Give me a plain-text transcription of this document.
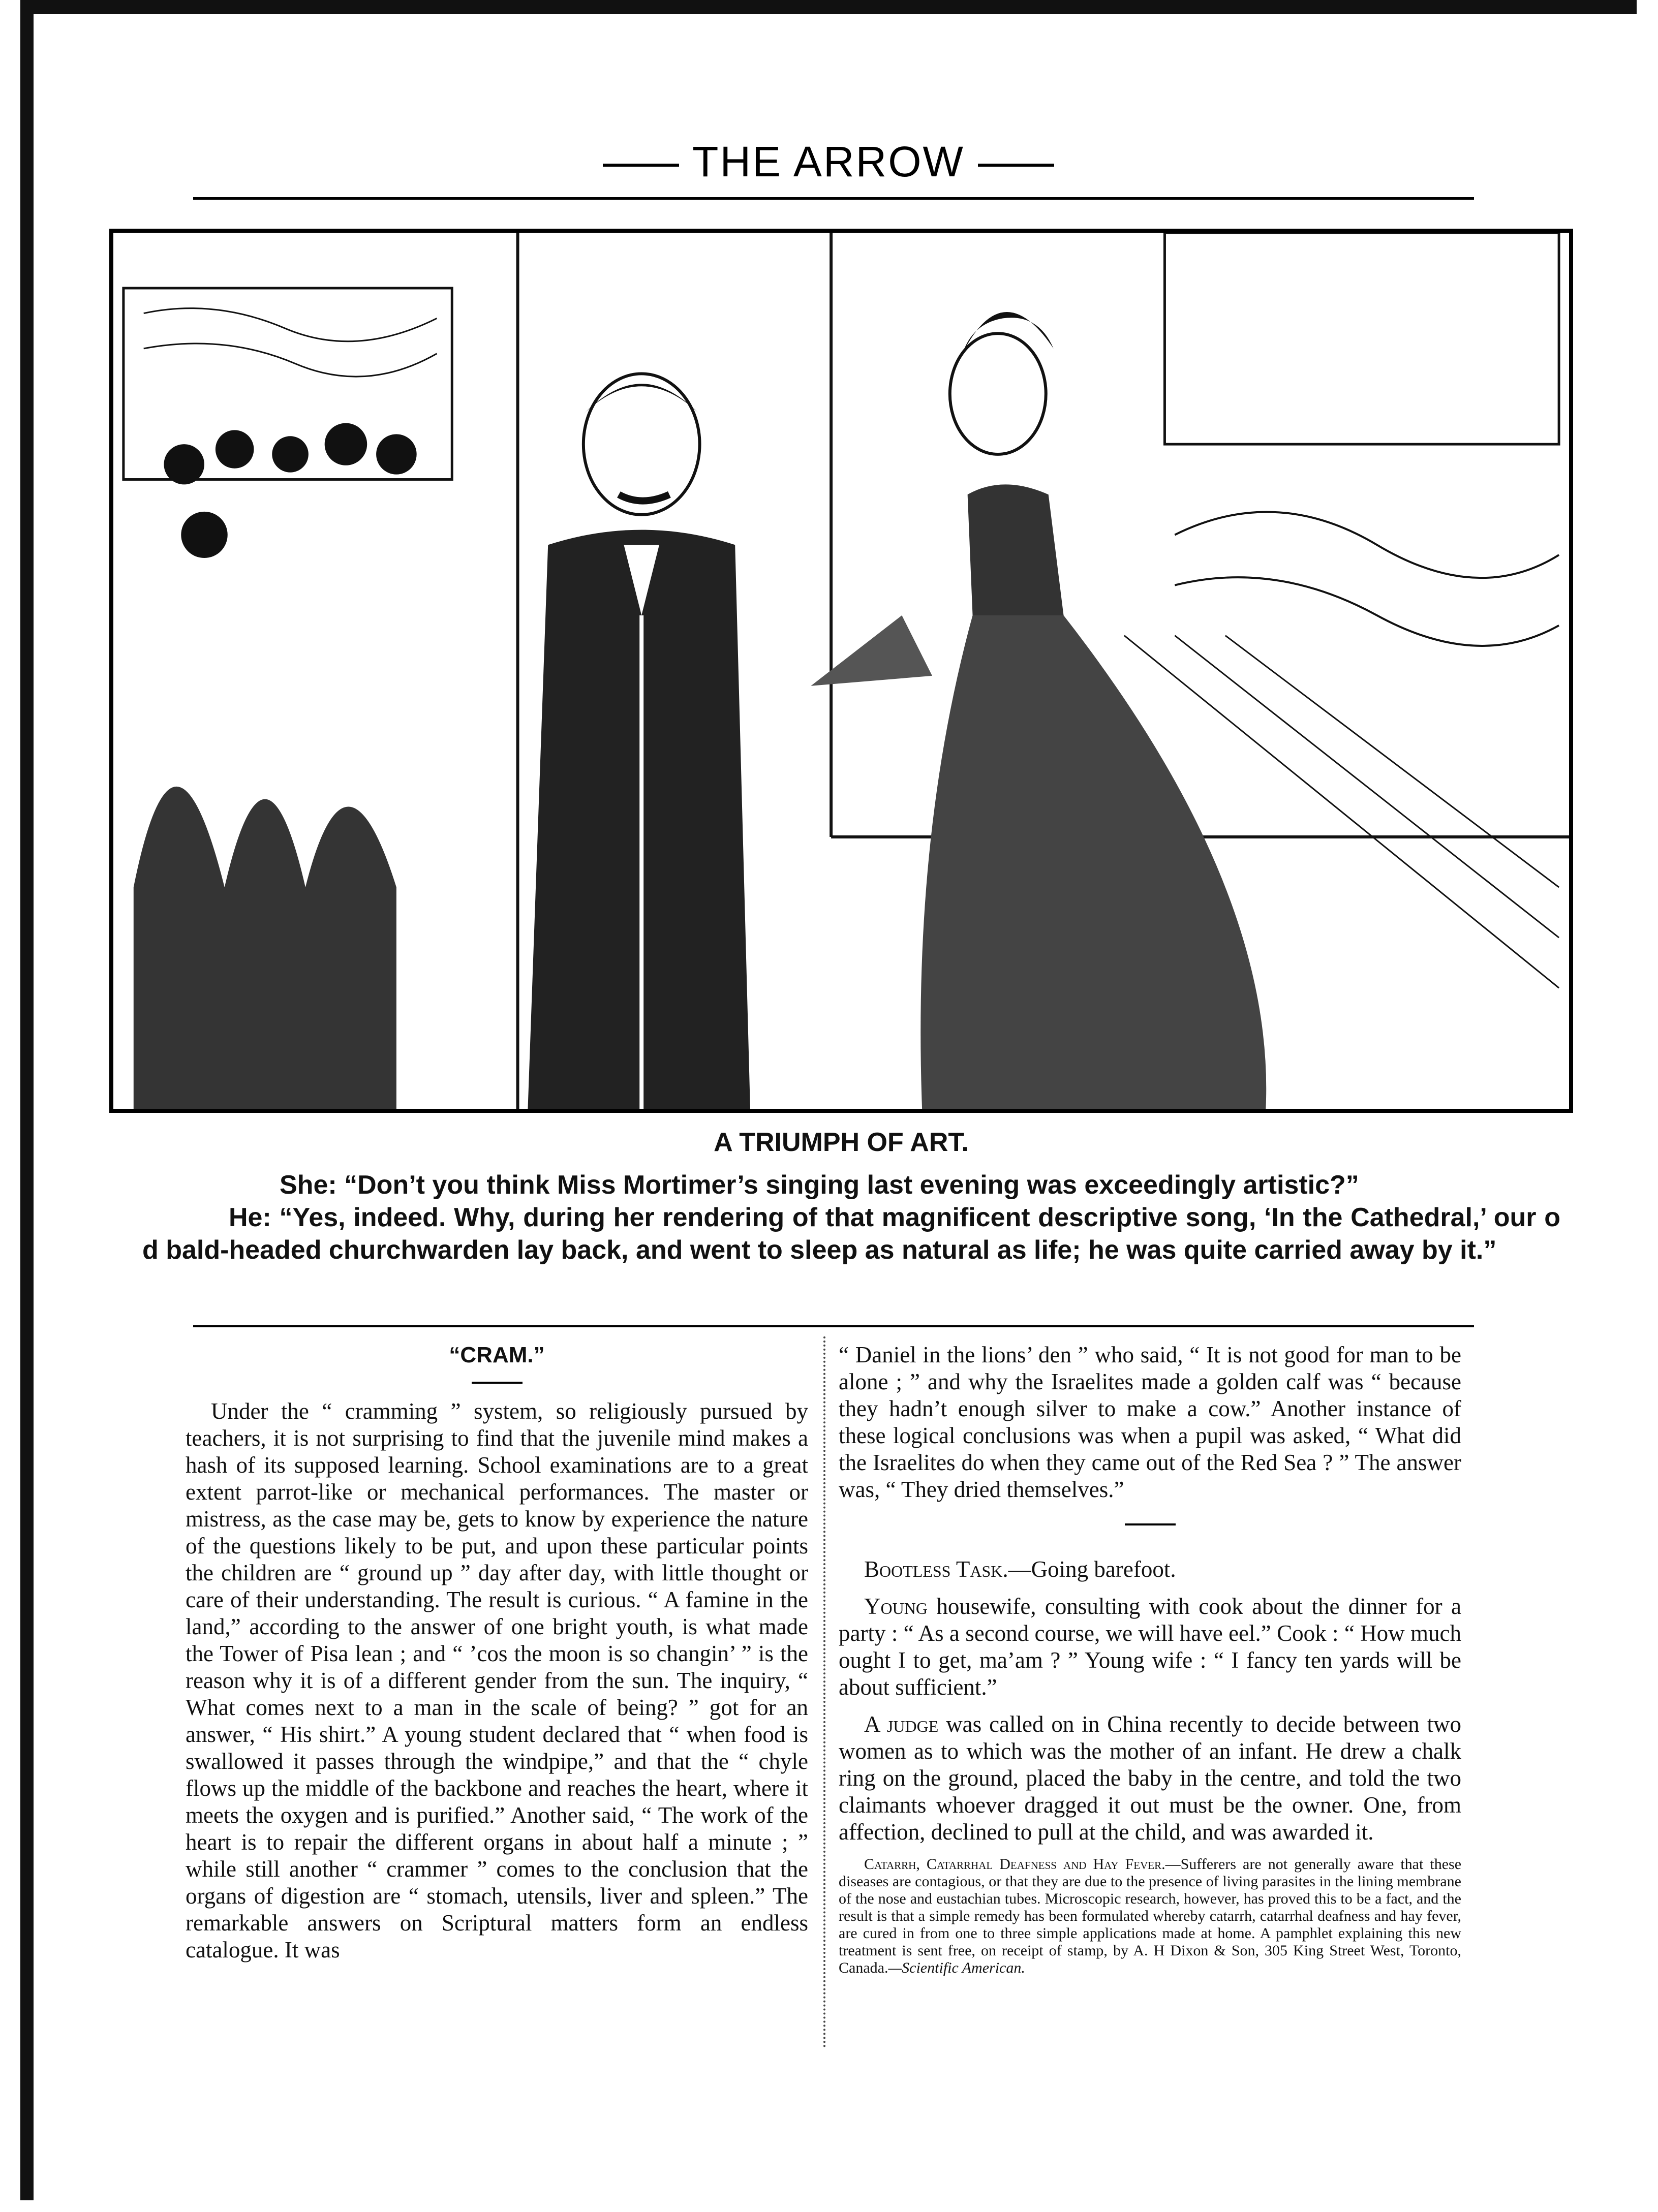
THE ARROW
A TRIUMPH OF ART.

She: “Don’t you think Miss Mortimer’s singing last evening was exceedingly artistic?”

He: “Yes, indeed. Why, during her rendering of that magnificent descriptive song, ‘In the Cathedral,’ our o d bald-headed churchwarden lay back, and went to sleep as natural as life; he was quite carried away by it.”

“CRAM.”

Under the “ cramming ” system, so religiously pursued by teachers, it is not surprising to find that the juvenile mind makes a hash of its supposed learning. School examinations are to a great extent parrot-like or mechanical performances. The master or mistress, as the case may be, gets to know by experience the nature of the questions likely to be put, and upon these particular points the children are “ ground up ” day after day, with little thought or care of their understanding. The result is curious. “ A famine in the land,” according to the answer of one bright youth, is what made the Tower of Pisa lean ; and “ ’cos the moon is so changin’ ” is the reason why it is of a different gender from the sun. The inquiry, “ What comes next to a man in the scale of being? ” got for an answer, “ His shirt.” A young student declared that “ when food is swallowed it passes through the windpipe,” and that the “ chyle flows up the middle of the backbone and reaches the heart, where it meets the oxygen and is purified.” Another said, “ The work of the heart is to repair the different organs in about half a minute ; ” while still another “ crammer ” comes to the conclusion that the organs of digestion are “ stomach, utensils, liver and spleen.” The remarkable answers on Scriptural matters form an endless catalogue. It was

“ Daniel in the lions’ den ” who said, “ It is not good for man to be alone ; ” and why the Israelites made a golden calf was “ because they hadn’t enough silver to make a cow.” Another instance of these logical conclusions was when a pupil was asked, “ What did the Israelites do when they came out of the Red Sea ? ” The answer was, “ They dried themselves.”

Bootless Task.—Going barefoot.

Young housewife, consulting with cook about the dinner for a party : “ As a second course, we will have eel.” Cook : “ How much ought I to get, ma’am ? ” Young wife : “ I fancy ten yards will be about sufficient.”

A judge was called on in China recently to decide between two women as to which was the mother of an infant. He drew a chalk ring on the ground, placed the baby in the centre, and told the two claimants whoever dragged it out must be the owner. One, from affection, declined to pull at the child, and was awarded it.

Catarrh, Catarrhal Deafness and Hay Fever.—Sufferers are not generally aware that these diseases are contagious, or that they are due to the presence of living parasites in the lining membrane of the nose and eustachian tubes. Microscopic research, however, has proved this to be a fact, and the result is that a simple remedy has been formulated whereby catarrh, catarrhal deafness and hay fever, are cured in from one to three simple applications made at home. A pamphlet explaining this new treatment is sent free, on receipt of stamp, by A. H Dixon & Son, 305 King Street West, Toronto, Canada.—Scientific American.
